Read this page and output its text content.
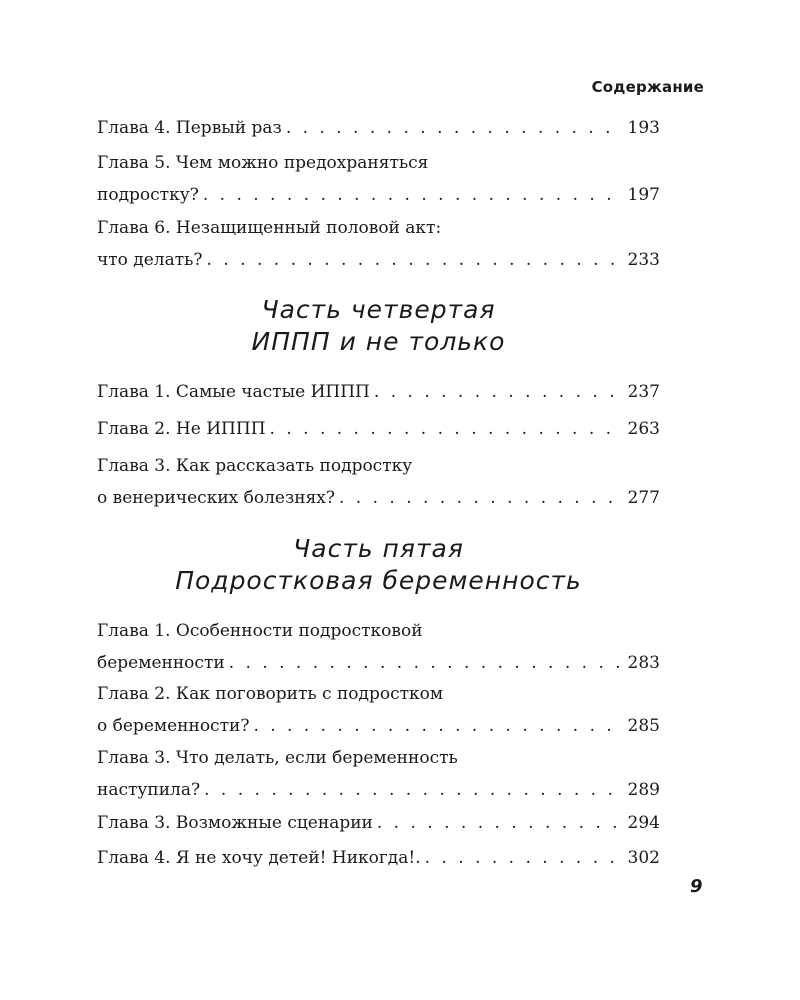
Содержание
Глава 4. Первый раз . . .	193
Глава 5. Чем можно предохраняться
подростку? . . .	197
Глава 6. Незащищенный половой акт:
что делать? . . .	233
Часть четвертая
ИППП и не только
Глава 1. Самые частые ИППП . . .	237
Глава 2. Не ИППП . . .	263
Глава 3. Как рассказать подростку
о венерических болезнях? . . .	277
Часть пятая
Подростковая беременность
Глава 1. Особенности подростковой
беременности . . .	283
Глава 2. Как поговорить с подростком
о беременности? . . .	285
Глава 3. Что делать, если беременность
наступила? . . .	289
Глава 3. Возможные сценарии . . .	294
Глава 4. Я не хочу детей! Никогда!. . . .	302
9
